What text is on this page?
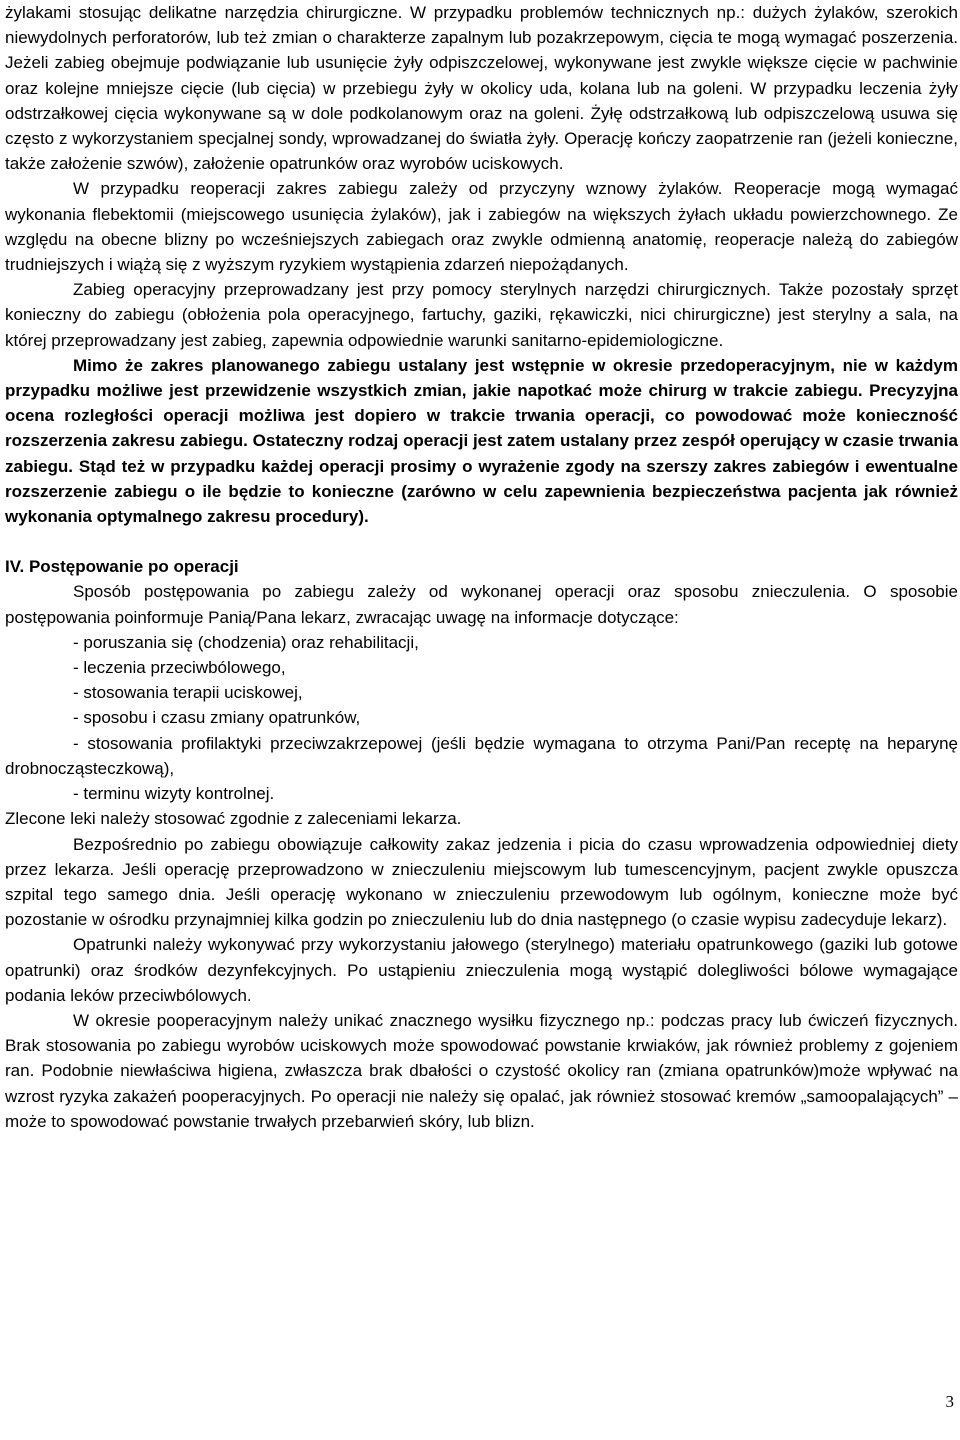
żylakami stosując delikatne narzędzia chirurgiczne. W przypadku problemów technicznych np.: dużych żylaków, szerokich niewydolnych perforatorów, lub też zmian o charakterze zapalnym lub pozakrzepowym, cięcia te mogą wymagać poszerzenia. Jeżeli zabieg obejmuje podwiązanie lub usunięcie żyły odpiszczelowej, wykonywane jest zwykle większe cięcie w pachwinie oraz kolejne mniejsze cięcie (lub cięcia) w przebiegu żyły w okolicy uda, kolana lub na goleni. W przypadku leczenia żyły odstrzałkowej cięcia wykonywane są w dole podkolanowym oraz na goleni. Żyłę odstrzałkową lub odpiszczelową usuwa się często z wykorzystaniem specjalnej sondy, wprowadzanej do światła żyły. Operację kończy zaopatrzenie ran (jeżeli konieczne, także założenie szwów), założenie opatrunków oraz wyrobów uciskowych.

W przypadku reoperacji zakres zabiegu zależy od przyczyny wznowy żylaków. Reoperacje mogą wymagać wykonania flebektomii (miejscowego usunięcia żylaków), jak i zabiegów na większych żyłach układu powierzchownego. Ze względu na obecne blizny po wcześniejszych zabiegach oraz zwykle odmienną anatomię, reoperacje należą do zabiegów trudniejszych i wiążą się z wyższym ryzykiem wystąpienia zdarzeń niepożądanych.

Zabieg operacyjny przeprowadzany jest przy pomocy sterylnych narzędzi chirurgicznych. Także pozostały sprzęt konieczny do zabiegu (obłożenia pola operacyjnego, fartuchy, gaziki, rękawiczki, nici chirurgiczne) jest sterylny a sala, na której przeprowadzany jest zabieg, zapewnia odpowiednie warunki sanitarno-epidemiologiczne.

Mimo że zakres planowanego zabiegu ustalany jest wstępnie w okresie przedoperacyjnym, nie w każdym przypadku możliwe jest przewidzenie wszystkich zmian, jakie napotkać może chirurg w trakcie zabiegu. Precyzyjna ocena rozległości operacji możliwa jest dopiero w trakcie trwania operacji, co powodować może konieczność rozszerzenia zakresu zabiegu. Ostateczny rodzaj operacji jest zatem ustalany przez zespół operujący w czasie trwania zabiegu. Stąd też w przypadku każdej operacji prosimy o wyrażenie zgody na szerszy zakres zabiegów i ewentualne rozszerzenie zabiegu o ile będzie to konieczne (zarówno w celu zapewnienia bezpieczeństwa pacjenta jak również wykonania optymalnego zakresu procedury).

IV. Postępowanie po operacji

Sposób postępowania po zabiegu zależy od wykonanej operacji oraz sposobu znieczulenia. O sposobie postępowania poinformuje Panią/Pana lekarz, zwracając uwagę na informacje dotyczące:

- poruszania się (chodzenia) oraz rehabilitacji,

- leczenia przeciwbólowego,

- stosowania terapii uciskowej,

- sposobu i czasu zmiany opatrunków,

- stosowania profilaktyki przeciwzakrzepowej (jeśli będzie wymagana to otrzyma Pani/Pan receptę na heparynę drobnocząsteczkową),

- terminu wizyty kontrolnej.

Zlecone leki należy stosować zgodnie z zaleceniami lekarza.

Bezpośrednio po zabiegu obowiązuje całkowity zakaz jedzenia i picia do czasu wprowadzenia odpowiedniej diety przez lekarza. Jeśli operację przeprowadzono w znieczuleniu miejscowym lub tumescencyjnym, pacjent zwykle opuszcza szpital tego samego dnia. Jeśli operację wykonano w znieczuleniu przewodowym lub ogólnym, konieczne może być pozostanie w ośrodku przynajmniej kilka godzin po znieczuleniu lub do dnia następnego (o czasie wypisu zadecyduje lekarz).

Opatrunki należy wykonywać przy wykorzystaniu jałowego (sterylnego) materiału opatrunkowego (gaziki lub gotowe opatrunki) oraz środków dezynfekcyjnych. Po ustąpieniu znieczulenia mogą wystąpić dolegliwości bólowe wymagające podania leków przeciwbólowych.

W okresie pooperacyjnym należy unikać znacznego wysiłku fizycznego np.: podczas pracy lub ćwiczeń fizycznych. Brak stosowania po zabiegu wyrobów uciskowych może spowodować powstanie krwiaków, jak również problemy z gojeniem ran. Podobnie niewłaściwa higiena, zwłaszcza brak dbałości o czystość okolicy ran (zmiana opatrunków)może wpływać na wzrost ryzyka zakażeń pooperacyjnych. Po operacji nie należy się opalać, jak również stosować kremów „samoopalających” – może to spowodować powstanie trwałych przebarwień skóry, lub blizn.

3
